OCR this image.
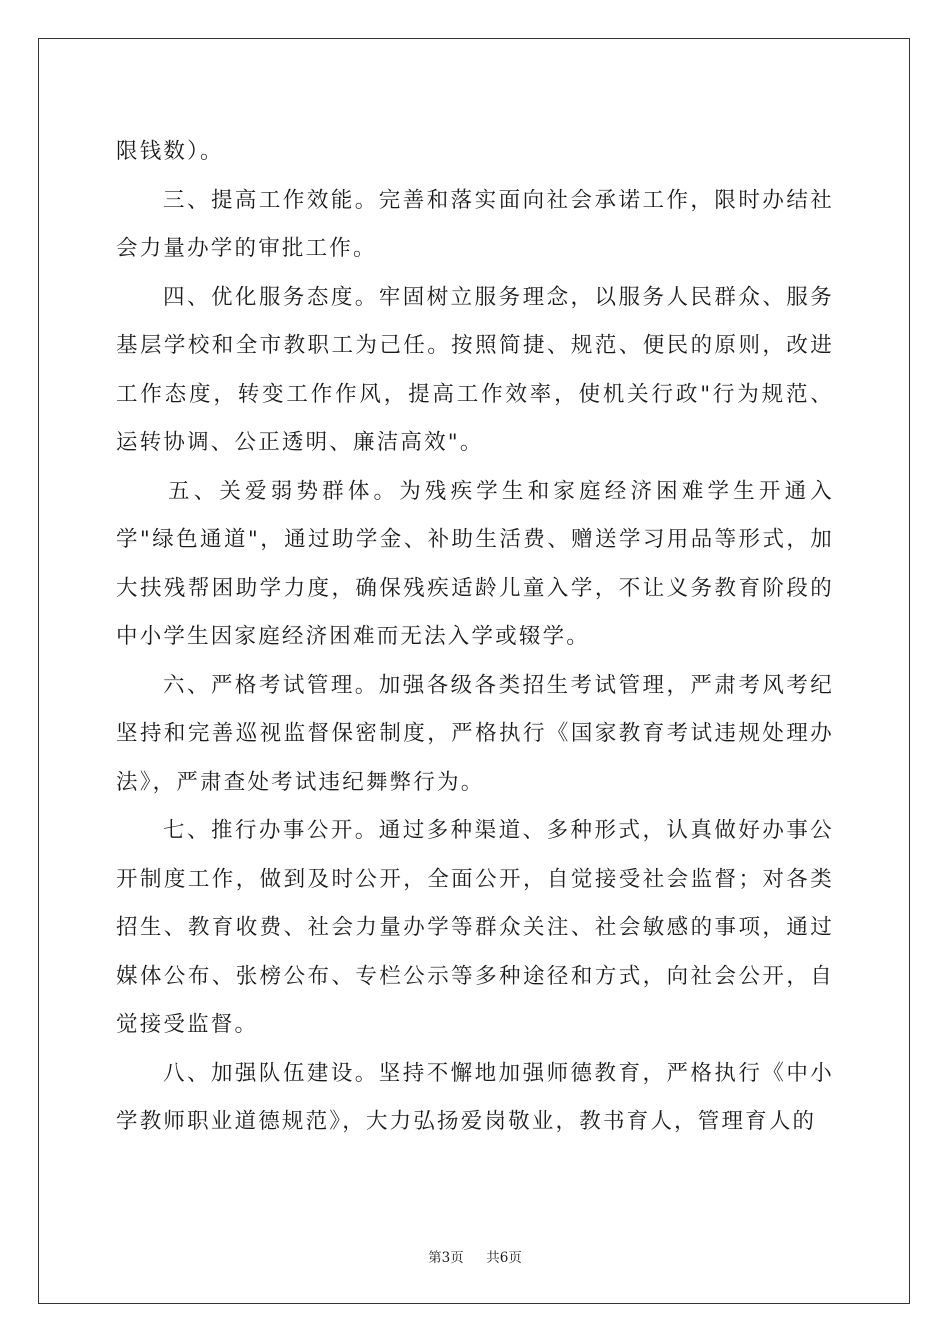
限钱数）。

三、提高工作效能。完善和落实面向社会承诺工作，限时办结社会力量办学的审批工作。

四、优化服务态度。牢固树立服务理念，以服务人民群众、服务基层学校和全市教职工为己任。按照简捷、规范、便民的原则，改进工作态度，转变工作作风，提高工作效率，使机关行政"行为规范、运转协调、公正透明、廉洁高效"。

五、关爱弱势群体。为残疾学生和家庭经济困难学生开通入学"绿色通道"，通过助学金、补助生活费、赠送学习用品等形式，加大扶残帮困助学力度，确保残疾适龄儿童入学，不让义务教育阶段的中小学生因家庭经济困难而无法入学或辍学。

六、严格考试管理。加强各级各类招生考试管理，严肃考风考纪坚持和完善巡视监督保密制度，严格执行《国家教育考试违规处理办法》，严肃查处考试违纪舞弊行为。

七、推行办事公开。通过多种渠道、多种形式，认真做好办事公开制度工作，做到及时公开，全面公开，自觉接受社会监督；对各类招生、教育收费、社会力量办学等群众关注、社会敏感的事项，通过媒体公布、张榜公布、专栏公示等多种途径和方式，向社会公开，自觉接受监督。

八、加强队伍建设。坚持不懈地加强师德教育，严格执行《中小学教师职业道德规范》，大力弘扬爱岗敬业，教书育人，管理育人的

第3页 共6页
